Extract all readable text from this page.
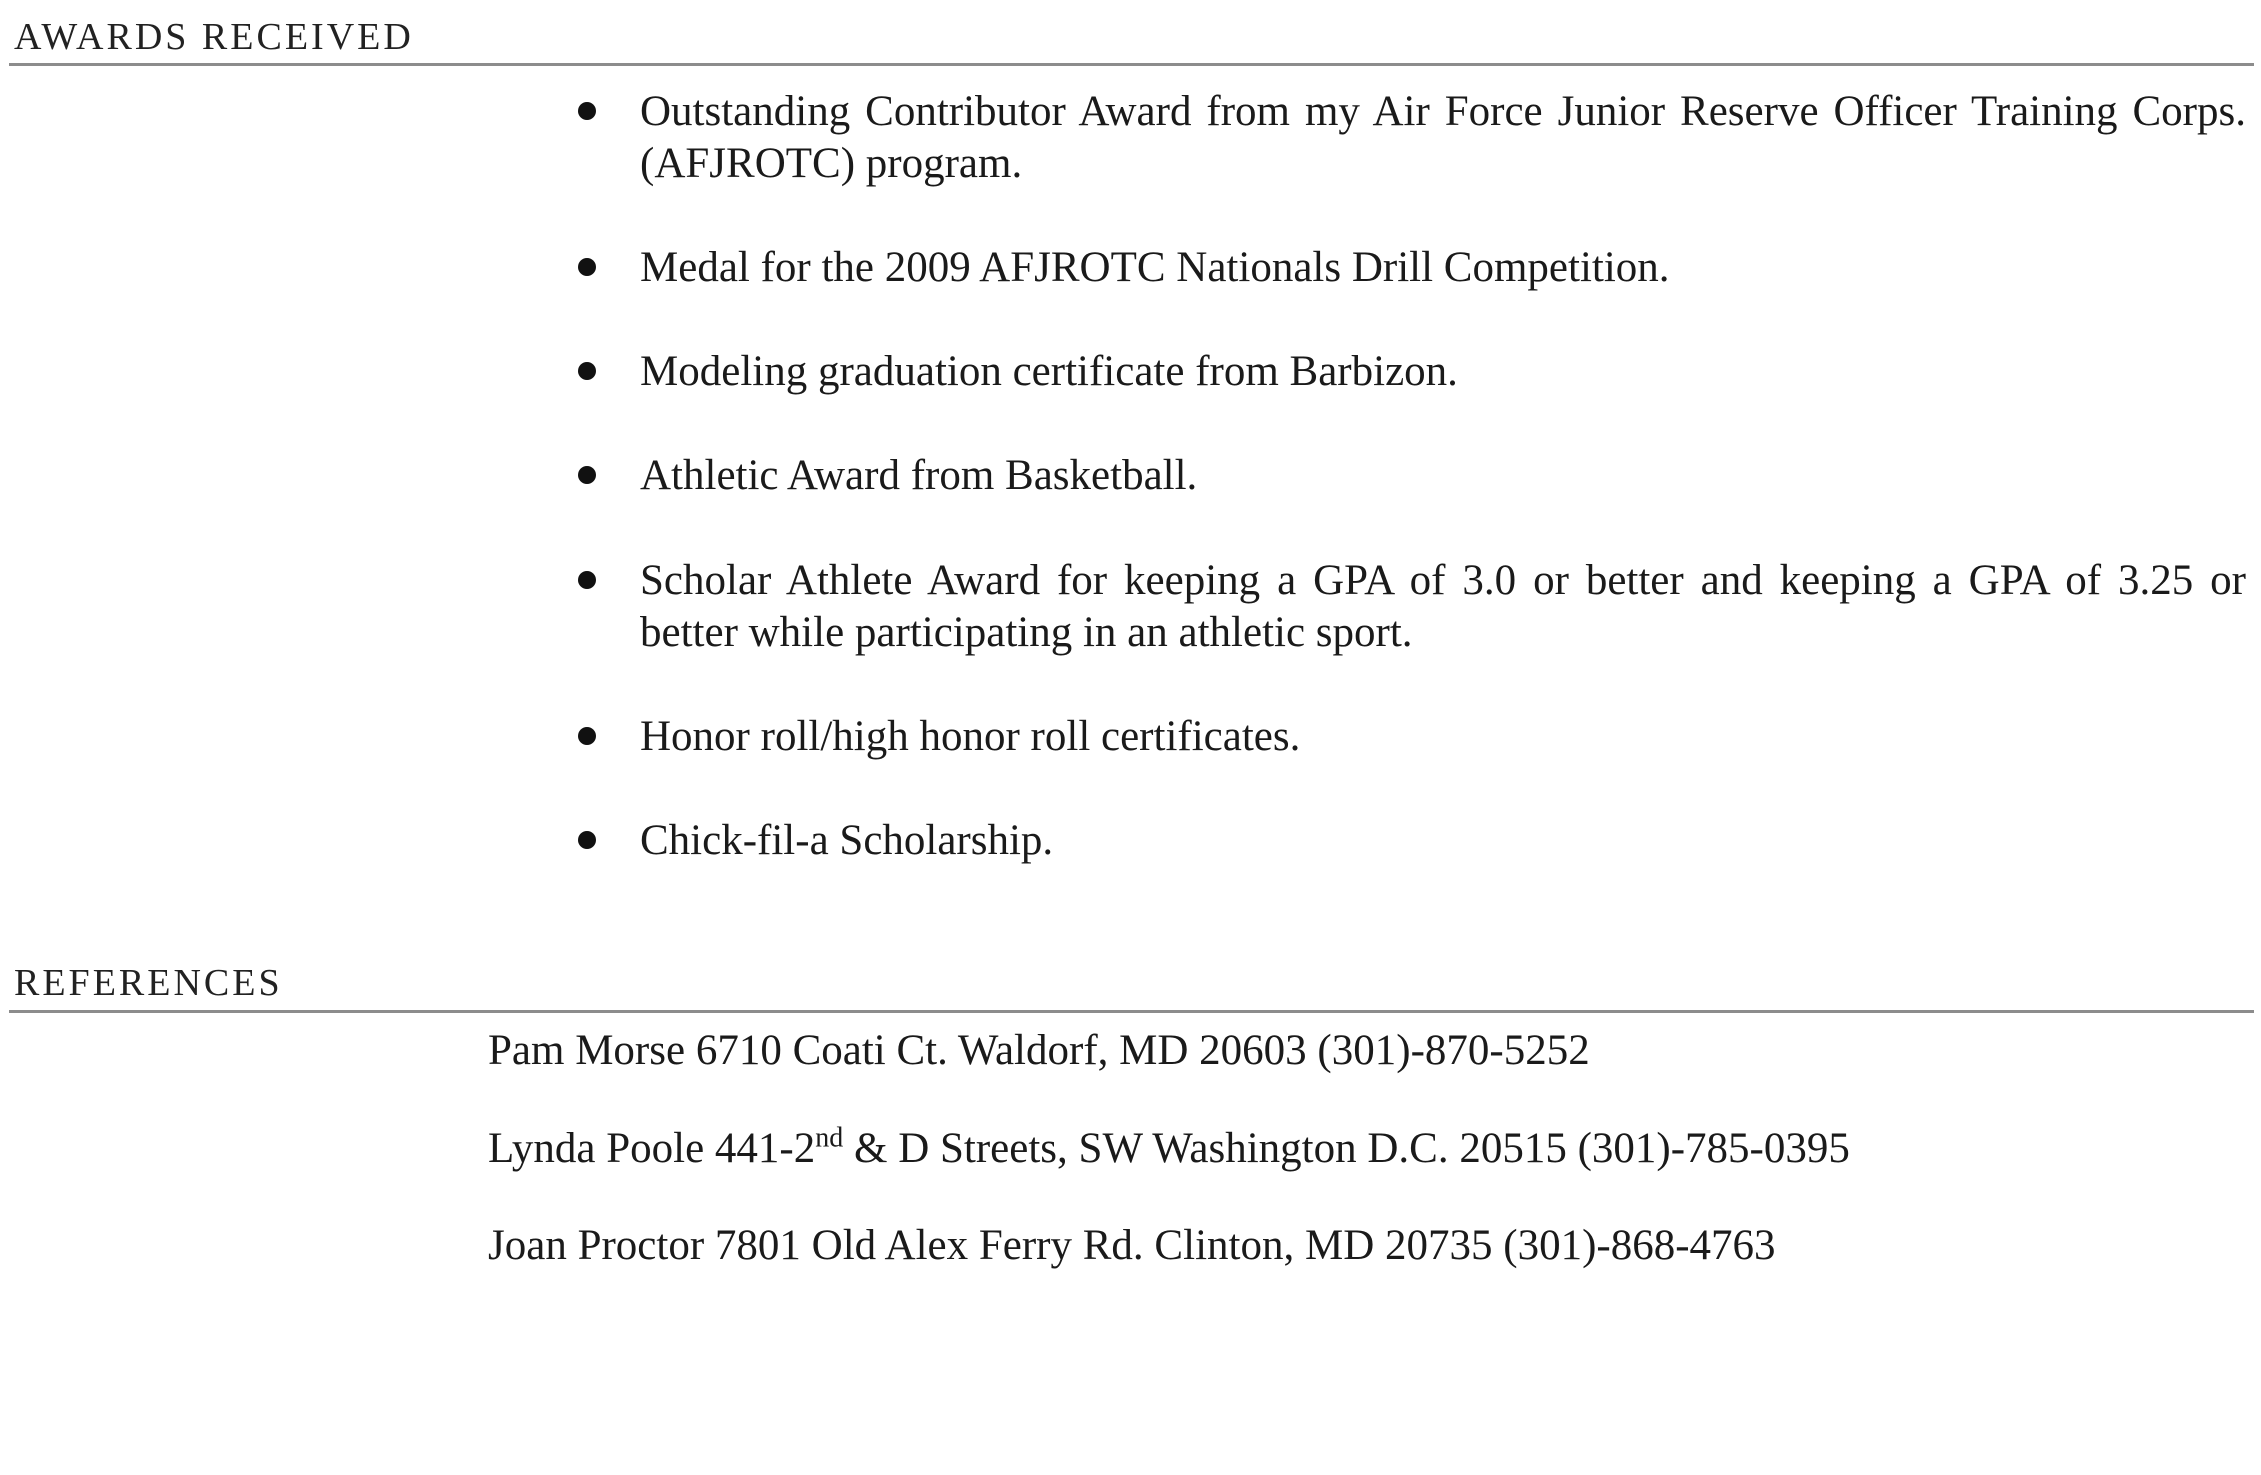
AWARDS RECEIVED
Outstanding Contributor Award from my Air Force Junior Reserve Officer Training Corps. (AFJROTC) program.
Medal for the 2009 AFJROTC Nationals Drill Competition.
Modeling graduation certificate from Barbizon.
Athletic Award from Basketball.
Scholar Athlete Award for keeping a GPA of 3.0 or better and keeping a GPA of 3.25 or better while participating in an athletic sport.
Honor roll/high honor roll certificates.
Chick-fil-a Scholarship.
REFERENCES

Pam Morse 6710 Coati Ct. Waldorf, MD 20603 (301)-870-5252

Lynda Poole 441-2nd & D Streets, SW Washington D.C. 20515 (301)-785-0395

Joan Proctor 7801 Old Alex Ferry Rd. Clinton, MD 20735 (301)-868-4763
